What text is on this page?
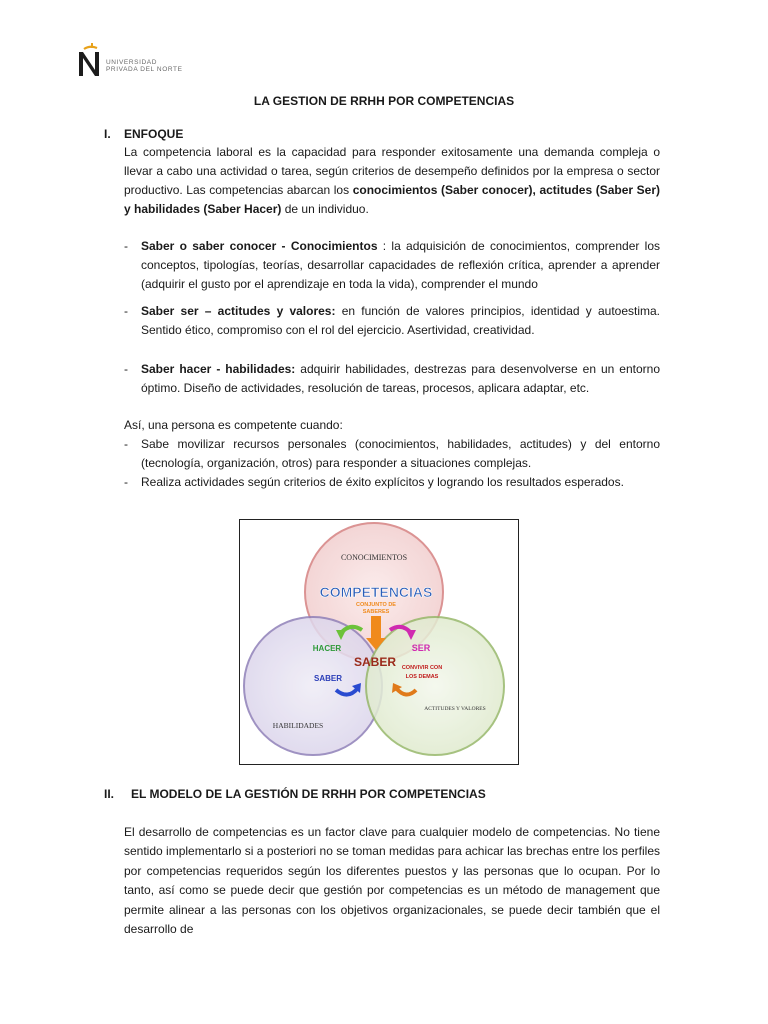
UNIVERSIDAD
PRIVADA DEL NORTE
LA GESTION DE RRHH POR COMPETENCIAS
I. ENFOQUE
La competencia laboral es la capacidad para responder exitosamente una demanda compleja o llevar a cabo una actividad o tarea, según criterios de desempeño definidos por la empresa o sector productivo. Las competencias abarcan los conocimientos (Saber conocer), actitudes (Saber Ser) y habilidades (Saber Hacer) de un individuo.
- Saber o saber conocer - Conocimientos : la adquisición de conocimientos, comprender los conceptos, tipologías, teorías, desarrollar capacidades de reflexión crítica, aprender a aprender (adquirir el gusto por el aprendizaje en toda la vida), comprender el mundo
- Saber ser – actitudes y valores: en función de valores principios, identidad y autoestima. Sentido ético, compromiso con el rol del ejercicio. Asertividad, creatividad.
- Saber hacer - habilidades: adquirir habilidades, destrezas para desenvolverse en un entorno óptimo. Diseño de actividades, resolución de tareas, procesos, aplicara adaptar, etc.
Así, una persona es competente cuando:
- Sabe movilizar recursos personales (conocimientos, habilidades, actitudes) y del entorno (tecnología, organización, otros) para responder a situaciones complejas.
- Realiza actividades según criterios de éxito explícitos y logrando los resultados esperados.
CONOCIMIENTOS
HABILIDADES
ACTITUDES Y VALORES
COMPETENCIAS
CONJUNTO DE
SABERES
HACER	SER
SABER
SABER
CONVIVIR CON
LOS DEMAS
II. EL MODELO DE LA GESTIÓN DE RRHH POR COMPETENCIAS
El desarrollo de competencias es un factor clave para cualquier modelo de competencias. No tiene sentido implementarlo si a posteriori no se toman medidas para achicar las brechas entre los perfiles por competencias requeridos según los diferentes puestos y las personas que lo ocupan. Por lo tanto, así como se puede decir que gestión por competencias es un método de management que permite alinear a las personas con los objetivos organizacionales, se puede decir también que el desarrollo de
